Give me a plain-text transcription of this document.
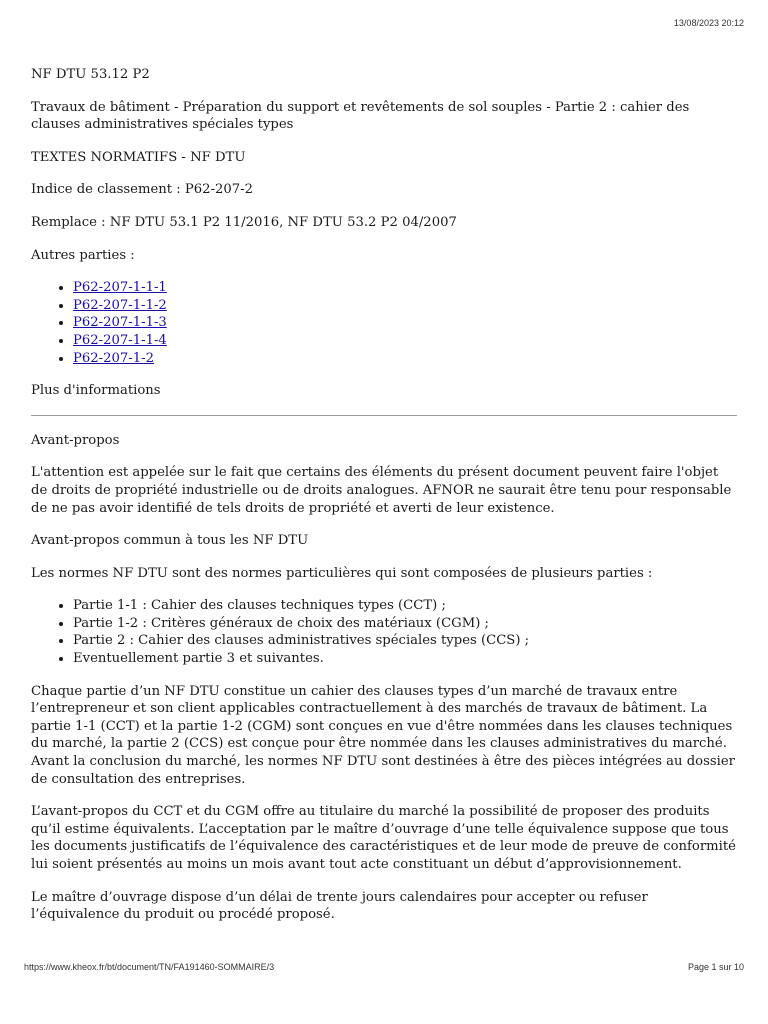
13/08/2023 20:12

NF DTU 53.12 P2

Travaux de bâtiment - Préparation du support et revêtements de sol souples - Partie 2 : cahier des clauses administratives spéciales types

TEXTES NORMATIFS - NF DTU

Indice de classement : P62-207-2

Remplace : NF DTU 53.1 P2 11/2016, NF DTU 53.2 P2 04/2007

Autres parties :

• P62-207-1-1-1
• P62-207-1-1-2
• P62-207-1-1-3
• P62-207-1-1-4
• P62-207-1-2

Plus d'informations

Avant-propos

L'attention est appelée sur le fait que certains des éléments du présent document peuvent faire l'objet de droits de propriété industrielle ou de droits analogues. AFNOR ne saurait être tenu pour responsable de ne pas avoir identifié de tels droits de propriété et averti de leur existence.

Avant-propos commun à tous les NF DTU

Les normes NF DTU sont des normes particulières qui sont composées de plusieurs parties :

• Partie 1-1 : Cahier des clauses techniques types (CCT) ;
• Partie 1-2 : Critères généraux de choix des matériaux (CGM) ;
• Partie 2 : Cahier des clauses administratives spéciales types (CCS) ;
• Eventuellement partie 3 et suivantes.

Chaque partie d’un NF DTU constitue un cahier des clauses types d’un marché de travaux entre l’entrepreneur et son client applicables contractuellement à des marchés de travaux de bâtiment. La partie 1-1 (CCT) et la partie 1-2 (CGM) sont conçues en vue d'être nommées dans les clauses techniques du marché, la partie 2 (CCS) est conçue pour être nommée dans les clauses administratives du marché. Avant la conclusion du marché, les normes NF DTU sont destinées à être des pièces intégrées au dossier de consultation des entreprises.

L’avant-propos du CCT et du CGM offre au titulaire du marché la possibilité de proposer des produits qu’il estime équivalents. L’acceptation par le maître d’ouvrage d’une telle équivalence suppose que tous les documents justificatifs de l’équivalence des caractéristiques et de leur mode de preuve de conformité lui soient présentés au moins un mois avant tout acte constituant un début d’approvisionnement.

Le maître d’ouvrage dispose d’un délai de trente jours calendaires pour accepter ou refuser l’équivalence du produit ou procédé proposé.

https://www.kheox.fr/bt/document/TN/FA191460-SOMMAIRE/3	Page 1 sur 10
